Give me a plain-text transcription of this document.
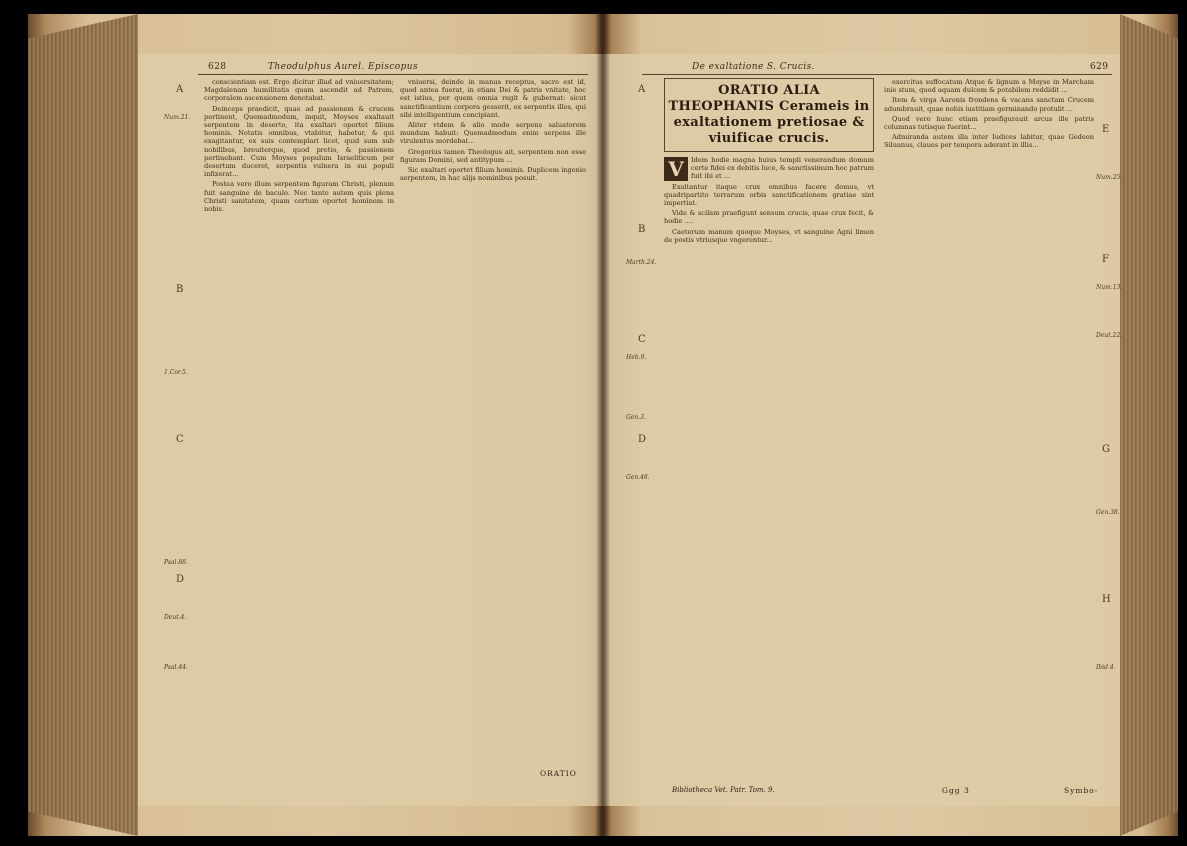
628	Theodulphus Aurel. Episcopus
A
B
C
D
Num.21.
1.Cor.5.
Psal.88.
Deut.4.
Psal.44.

conscientiam est. Ergo dicitur illud ad vniuersitatem; Magdalenam humilitatis quam ascendit ad Patrem, corporalem ascensionem denotabat.

Deinceps praedicit, quae ad passionem & crucem pertinent, Quemadmodum, inquit, Moyses exaltauit serpentem in deserto, ita exaltari oportet filium hominis. Notatis omnibus, vtabitur, habetur, & qui exagitantur, ex suis contemplari licet, quid sum sub nobilibus, breuiterque, quod pretio, & passionem pertinebant. Cum Moyses populum Israeliticum per desertum duceret, serpentis vulnera in sui populi infixerat...

Postea vero illum serpentem figuram Christi, plenum fuit sanguine de baculo. Nec tanto autem quis plena Christi sanitatem, quam certum oportet hominem in nobis.

vniuersi, deinde in manus receptus, sacro est id, quod antea fuerat, in etiam Dei & patris vnitate, hoc est istius, per quem omnia regit & gubernat: sicut sanctificantium corpora gesserit, ex serpentis illos, qui sibi intelligentium concipiant.

Aliter vtdem & alio modo serpens saluatorem mundum habuit: Quemadmodum enim serpens ille virulentus mordebat...

Gregorius tamen Theologus ait, serpentem non esse figuram Domini, sed antitypum ...

Sic exaltari oportet filium hominis. Duplicem ingenio serpentem, in hac alijs nominibus posuit.

ORATIO
De exaltatione S. Crucis.	629
A
B
C
D
E
F
G
H
Marth.24.
Heb.9.
Gen.3.
Gen.48.
Num.25.
Num.13.
Deut.22.
Gen.38.
Ibid.4.
ORATIO ALIA THEOPHANIS Cerameis in exaltationem pretiosae & viuificae crucis.

V	Idem hodie magna huius templi venerandum domum certe fidei ex debitis luce, & sanctissimum hoc patrum fuit ibi et ...

Exaltantur itaque crux omnibus facere domus, vt quadripartito terrarum orbis sanctificationem gratiae sint impertiat.

Vide & scilam praefigunt sensum crucis, quae crux fecit, & hodie ....

Caeterum manum quoque Moyses, vt sanguine Agni limen de postis vtriusque vngerentur...

exercitus suffocatum Atque & lignum a Moyse in Marcham inie stum, quod aquam dulcem & potabilem reddidit ...

Item & virga Aaronis frondens & vacans sanctam Crucem adumbrauit, quae nobis iustitiam germinando protulit ...

Quod vero hunc etiam praefigurauit arcus ille patris columnas tutisque fuerint...

Admiranda autem illa inter Iudices labitur, quae Gedeon Siluanus, claues per tempora aderant in illis...

Bibliotheca Vet. Patr. Tom. 9.	Ggg 3	Symbo-
